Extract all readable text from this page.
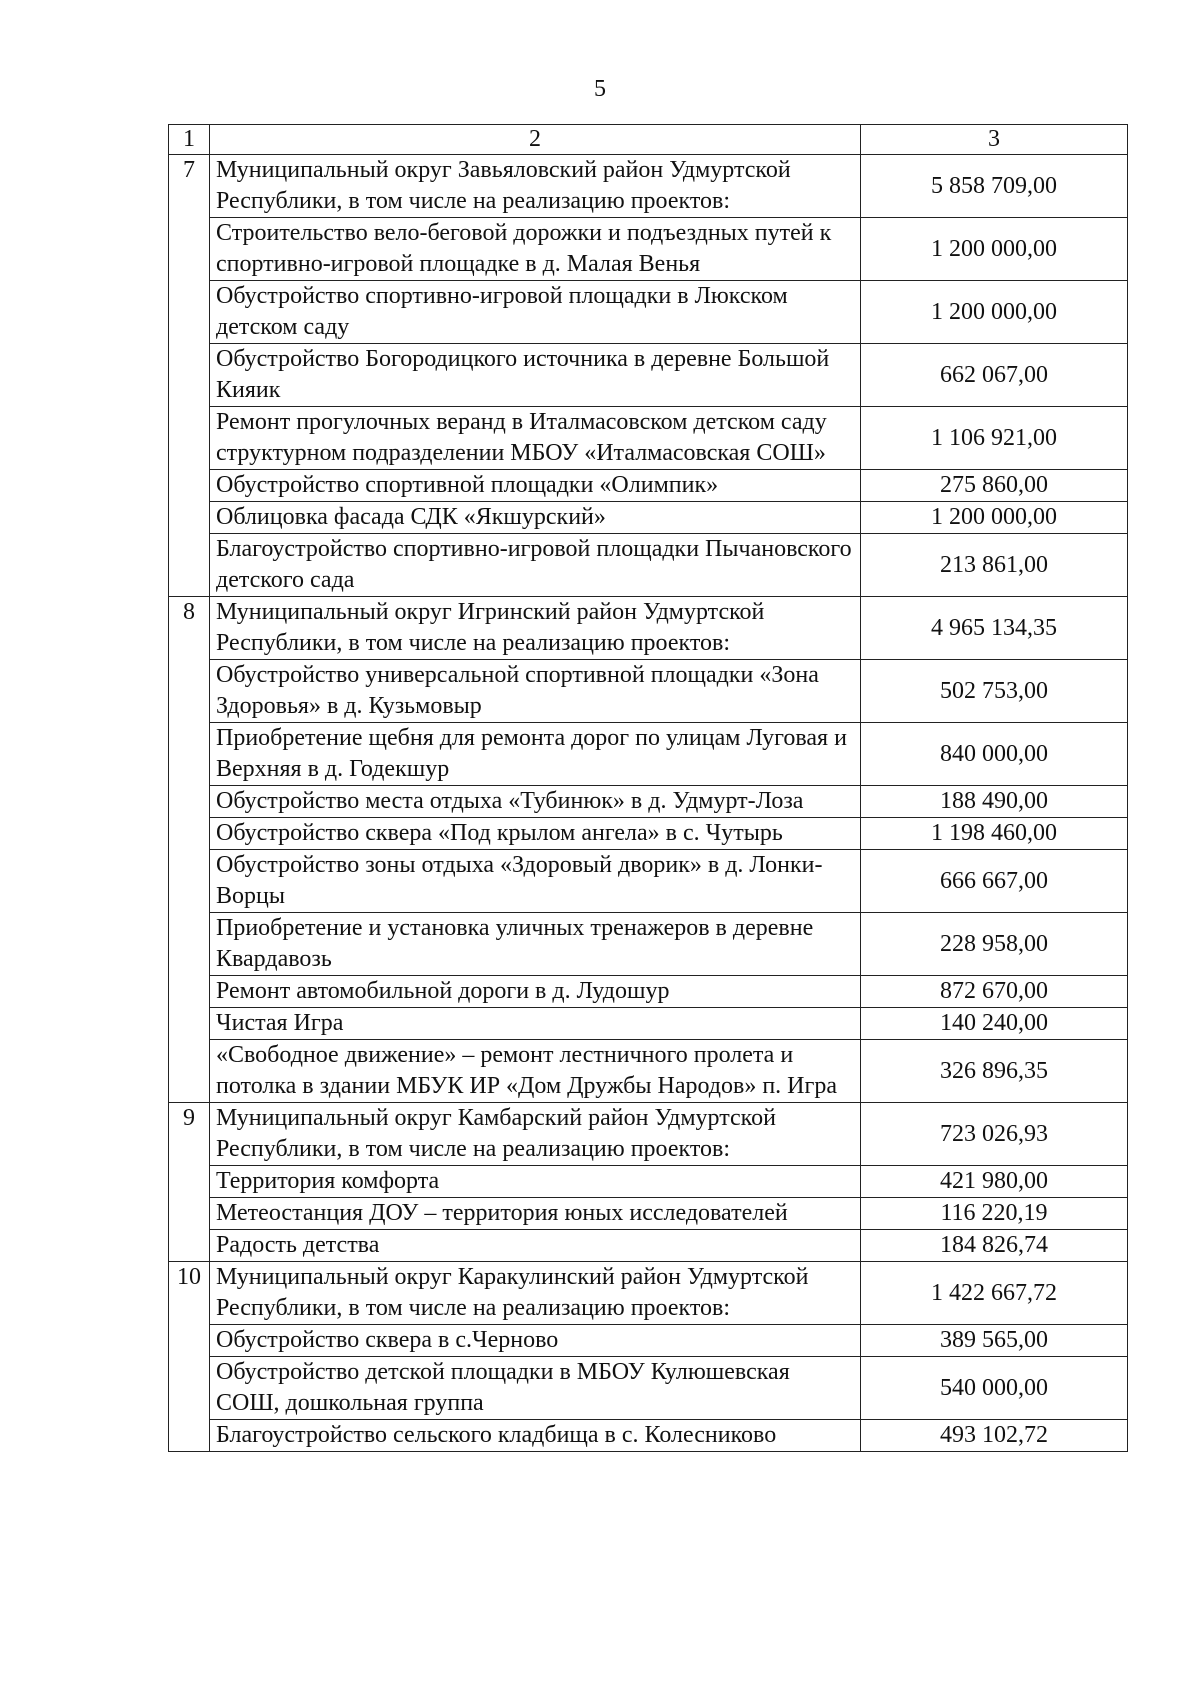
5
1	2	3
7	Муниципальный округ Завьяловский район Удмуртской Республики, в том числе на реализацию проектов:	5 858 709,00
	Строительство вело-беговой дорожки и подъездных путей к спортивно-игровой площадке в д. Малая Венья	1 200 000,00
	Обустройство спортивно-игровой площадки в Люкском детском саду	1 200 000,00
	Обустройство Богородицкого источника в деревне Большой Кияик	662 067,00
	Ремонт прогулочных веранд в Италмасовском детском саду структурном подразделении МБОУ «Италмасовская СОШ»	1 106 921,00
	Обустройство спортивной площадки «Олимпик»	275 860,00
	Облицовка фасада СДК «Якшурский»	1 200 000,00
	Благоустройство спортивно-игровой площадки Пычановского детского сада	213 861,00
8	Муниципальный округ Игринский район Удмуртской Республики, в том числе на реализацию проектов:	4 965 134,35
	Обустройство универсальной спортивной площадки «Зона Здоровья» в д. Кузьмовыр	502 753,00
	Приобретение щебня для ремонта дорог по улицам Луговая и Верхняя в д. Годекшур	840 000,00
	Обустройство места отдыха «Тубинюк» в д. Удмурт-Лоза	188 490,00
	Обустройство сквера «Под крылом ангела» в с. Чутырь	1 198 460,00
	Обустройство зоны отдыха «Здоровый дворик» в д. Лонки-Ворцы	666 667,00
	Приобретение и установка уличных тренажеров в деревне Квардавозь	228 958,00
	Ремонт автомобильной дороги в д. Лудошур	872 670,00
	Чистая Игра	140 240,00
	«Свободное движение» – ремонт лестничного пролета и потолка в здании МБУК ИР «Дом Дружбы Народов» п. Игра	326 896,35
9	Муниципальный округ Камбарский район Удмуртской Республики, в том числе на реализацию проектов:	723 026,93
	Территория комфорта	421 980,00
	Метеостанция ДОУ – территория юных исследователей	116 220,19
	Радость детства	184 826,74
10	Муниципальный округ Каракулинский район Удмуртской Республики, в том числе на реализацию проектов:	1 422 667,72
	Обустройство сквера в с.Черново	389 565,00
	Обустройство детской площадки в МБОУ Кулюшевская СОШ, дошкольная группа	540 000,00
	Благоустройство сельского кладбища в с. Колесниково	493 102,72
